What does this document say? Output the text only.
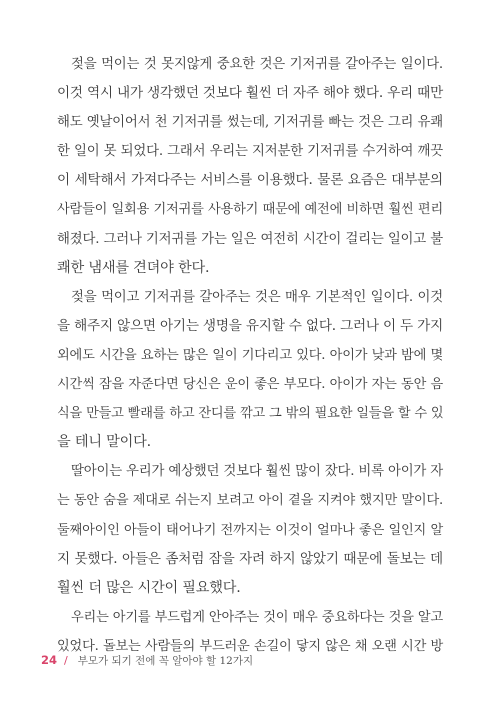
젖을 먹이는 것 못지않게 중요한 것은 기저귀를 갈아주는 일이다.
이것 역시 내가 생각했던 것보다 훨씬 더 자주 해야 했다. 우리 때만
해도 옛날이어서 천 기저귀를 썼는데, 기저귀를 빠는 것은 그리 유쾌
한 일이 못 되었다. 그래서 우리는 지저분한 기저귀를 수거하여 깨끗
이 세탁해서 가져다주는 서비스를 이용했다. 물론 요즘은 대부분의
사람들이 일회용 기저귀를 사용하기 때문에 예전에 비하면 훨씬 편리
해졌다. 그러나 기저귀를 가는 일은 여전히 시간이 걸리는 일이고 불
쾌한 냄새를 견뎌야 한다.
젖을 먹이고 기저귀를 갈아주는 것은 매우 기본적인 일이다. 이것
을 해주지 않으면 아기는 생명을 유지할 수 없다. 그러나 이 두 가지
외에도 시간을 요하는 많은 일이 기다리고 있다. 아이가 낮과 밤에 몇
시간씩 잠을 자준다면 당신은 운이 좋은 부모다. 아이가 자는 동안 음
식을 만들고 빨래를 하고 잔디를 깎고 그 밖의 필요한 일들을 할 수 있
을 테니 말이다.
딸아이는 우리가 예상했던 것보다 훨씬 많이 잤다. 비록 아이가 자
는 동안 숨을 제대로 쉬는지 보려고 아이 곁을 지켜야 했지만 말이다.
둘째아이인 아들이 태어나기 전까지는 이것이 얼마나 좋은 일인지 알
지 못했다. 아들은 좀처럼 잠을 자려 하지 않았기 때문에 돌보는 데
훨씬 더 많은 시간이 필요했다.
우리는 아기를 부드럽게 안아주는 것이 매우 중요하다는 것을 알고
있었다. 돌보는 사람들의 부드러운 손길이 닿지 않은 채 오랜 시간 방
24 / 부모가 되기 전에 꼭 알아야 할 12가지
